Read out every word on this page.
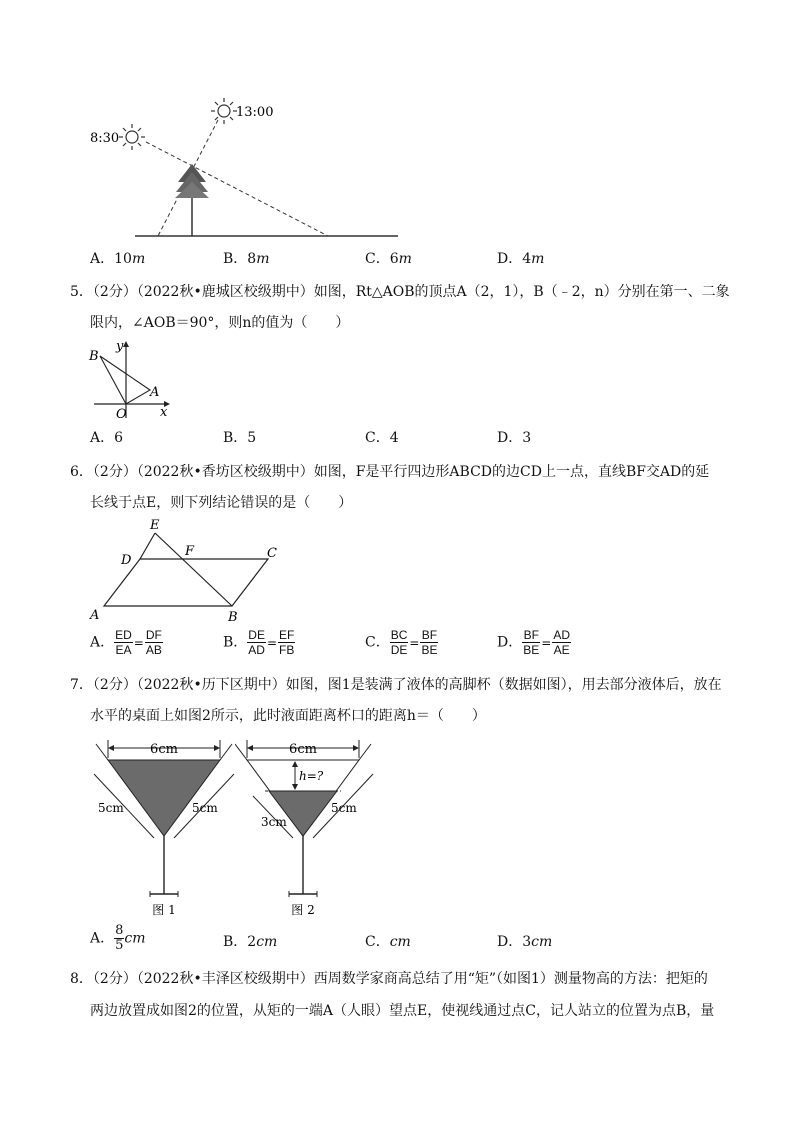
8:30
13:00
A．10m	B．8m	C．6m	D．4m
5．（2分）（2022秋•鹿城区校级期中）如图，Rt△AOB的顶点A（2，1），B（﹣2，n）分别在第一、二象
限内，∠AOB＝90°，则n的值为（　　）
B
y
A
O	x
A．6	B．5	C．4	D．3
6．（2分）（2022秋•香坊区校级期中）如图，F是平行四边形ABCD的边CD上一点，直线BF交AD的延
长线于点E，则下列结论错误的是（　　）
E
D
F	C
A	B
A． $\frac{ED}{EA} = \frac{DF}{AB}$	B． $\frac{DE}{AD} = \frac{EF}{FB}$	C． $\frac{BC}{DE} = \frac{BF}{BE}$	D． $\frac{BF}{BE} = \frac{AD}{AE}$
7．（2分）（2022秋•历下区期中）如图，图1是装满了液体的高脚杯（数据如图），用去部分液体后，放在
水平的桌面上如图2所示，此时液面距离杯口的距离h＝（　　）
6cm
5cm	5cm
图 1
6cm
h=?
3cm
5cm
图 2
A． $\frac{8}{5}$ cm	B．2cm	C．cm	D．3cm
8．（2分）（2022秋•丰泽区校级期中）西周数学家商高总结了用“矩”（如图1）测量物高的方法：把矩的
两边放置成如图2的位置，从矩的一端A（人眼）望点E，使视线通过点C，记人站立的位置为点B，量
